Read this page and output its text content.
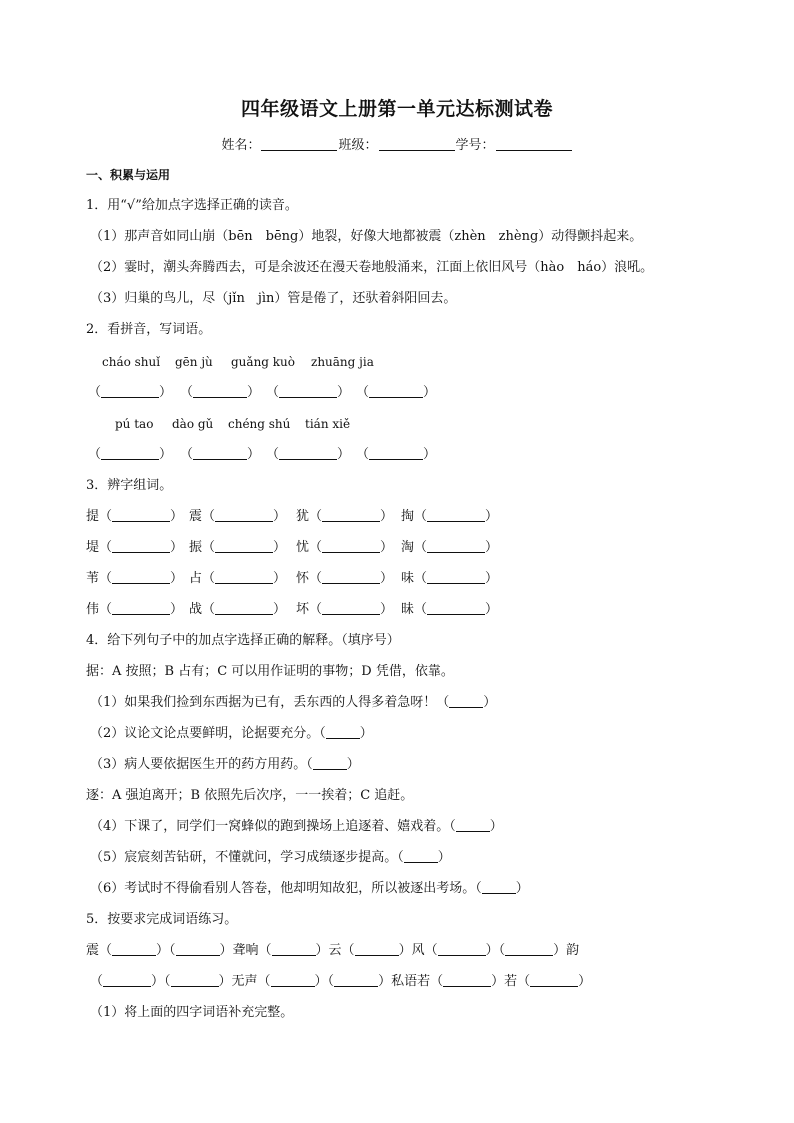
四年级语文上册第一单元达标测试卷
姓名：	班级：	学号：
一、积累与运用
1．用“√”给加点字选择正确的读音。
（1）那声音如同山崩（bēn　bēng）地裂，好像大地都被震（zhèn　zhèng）动得颤抖起来。
（2）霎时，潮头奔腾西去，可是余波还在漫天卷地般涌来，江面上依旧风号（hào　háo）浪吼。
（3）归巢的鸟儿，尽（jǐn　jìn）管是倦了，还驮着斜阳回去。
2．看拼音，写词语。
cháo shuǐ gēn jù guǎng kuò zhuāng jia
（	） （	） （	） （	）
pú tao dào gǔ chéng shú tián xiě
（	） （	） （	） （	）
3．辨字组词。
提（	） 震（	） 犹（	） 掏（	）
堤（	） 振（	） 忧（	） 淘（	）
苇（	） 占（	） 怀（	） 味（	）
伟（	） 战（	） 坏（	） 昧（	）
4．给下列句子中的加点字选择正确的解释。（填序号）
据：A 按照；B 占有；C 可以用作证明的事物；D 凭借，依靠。
（1）如果我们捡到东西据为已有，丢东西的人得多着急呀！（	）
（2）议论文论点要鲜明，论据要充分。（	）
（3）病人要依据医生开的药方用药。（	）
逐：A 强迫离开；B 依照先后次序，一一挨着；C 追赶。
（4）下课了，同学们一窝蜂似的跑到操场上追逐着、嬉戏着。（	）
（5）宸宸刻苦钻研，不懂就问，学习成绩逐步提高。（	）
（6）考试时不得偷看别人答卷，他却明知故犯，所以被逐出考场。（	）
5．按要求完成词语练习。
震（	）（	）聋响（	）云（	）风（	）（	）韵
（	）（	）无声（	）（	）私语若（	）若（	）
（1）将上面的四字词语补充完整。
